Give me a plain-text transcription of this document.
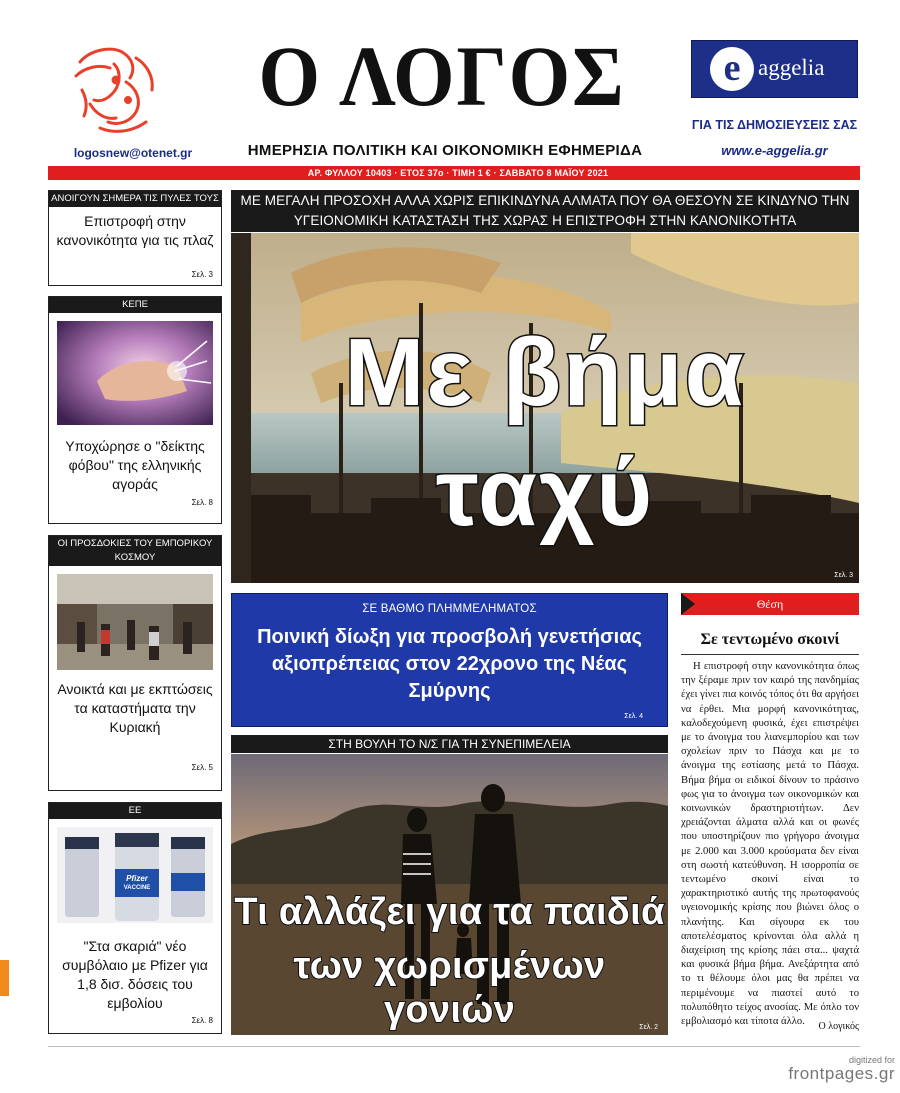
logosnew@otenet.gr
Ο ΛΟΓΟΣ
ΗΜΕΡΗΣΙΑ ΠΟΛΙΤΙΚΗ ΚΑΙ ΟΙΚΟΝΟΜΙΚΗ ΕΦΗΜΕΡΙΔΑ
e aggelia
ΓΙΑ ΤΙΣ ΔΗΜΟΣΙΕΥΣΕΙΣ ΣΑΣ
www.e-aggelia.gr
ΑΡ. ΦΥΛΛΟΥ 10403 · ΕΤΟΣ 37ο · ΤΙΜΗ 1 € · ΣΑΒΒΑΤΟ 8 ΜΑΪΟΥ 2021
ΑΝΟΙΓΟΥΝ ΣΗΜΕΡΑ ΤΙΣ ΠΥΛΕΣ ΤΟΥΣ
Επιστροφή στην κανονικότητα για τις πλαζ
Σελ. 3
ΚΕΠΕ
Υποχώρησε ο "δείκτης φόβου" της ελληνικής αγοράς
Σελ. 8
ΟΙ ΠΡΟΣΔΟΚΙΕΣ ΤΟΥ ΕΜΠΟΡΙΚΟΥ ΚΟΣΜΟΥ
Ανοικτά και με εκπτώσεις τα καταστήματα την Κυριακή
Σελ. 5
ΕΕ
Pfizer
VACCINE
"Στα σκαριά" νέο συμβόλαιο με Pfizer για 1,8 δισ. δόσεις του εμβολίου
Σελ. 8
ΜΕ ΜΕΓΑΛΗ ΠΡΟΣΟΧΗ ΑΛΛΑ ΧΩΡΙΣ ΕΠΙΚΙΝΔΥΝΑ ΑΛΜΑΤΑ ΠΟΥ ΘΑ ΘΕΣΟΥΝ ΣΕ ΚΙΝΔΥΝΟ ΤΗΝ ΥΓΕΙΟΝΟΜΙΚΗ ΚΑΤΑΣΤΑΣΗ ΤΗΣ ΧΩΡΑΣ Η ΕΠΙΣΤΡΟΦΗ ΣΤΗΝ ΚΑΝΟΝΙΚΟΤΗΤΑ
Με βήμα
ταχύ
Σελ. 3
ΣΕ ΒΑΘΜΟ ΠΛΗΜΜΕΛΗΜΑΤΟΣ
Ποινική δίωξη για προσβολή γενετήσιας αξιοπρέπειας στον 22χρονο της Νέας Σμύρνης
Σελ. 4
ΣΤΗ ΒΟΥΛΗ ΤΟ Ν/Σ ΓΙΑ ΤΗ ΣΥΝΕΠΙΜΕΛΕΙΑ
Τι αλλάζει για τα παιδιά
των χωρισμένων γονιών	Σελ. 2
Θέση
Σε τεντωμένο σκοινί
Η επιστροφή στην κανονικότητα όπως την ξέραμε πριν τον καιρό της πανδημίας έχει γίνει πια κοινός τόπος ότι θα αργήσει να έρθει. Μια μορφή κανονικότητας, καλοδεχούμενη φυσικά, έχει επιστρέψει με το άνοιγμα του λιανεμπορίου και των σχολείων πριν το Πάσχα και με το άνοιγμα της εστίασης μετά το Πάσχα. Βήμα βήμα οι ειδικοί δίνουν το πράσινο φως για το άνοιγμα των οικονομικών και κοινωνικών δραστηριοτήτων. Δεν χρειάζονται άλματα αλλά και οι φωνές που υποστηρίζουν πιο γρήγορο άνοιγμα με 2.000 και 3.000 κρούσματα δεν είναι στη σωστή κατεύθυνση. Η ισορροπία σε τεντωμένο σκοινί είναι το χαρακτηριστικό αυτής της πρωτοφανούς υγειονομικής κρίσης που βιώνει όλος ο πλανήτης. Και σίγουρα εκ του αποτελέσματος κρίνονται όλα αλλά η διαχείριση της κρίσης πάει στα... ψαχτά και φυσικά βήμα βήμα. Ανεξάρτητα από το τι θέλουμε όλοι μας θα πρέπει να περιμένουμε να πιαστεί αυτό το πολυπόθητο τείχος ανοσίας. Με όπλο τον εμβολιασμό και τίποτα άλλο.	Ο λογικός
digitized for
frontpages.gr
